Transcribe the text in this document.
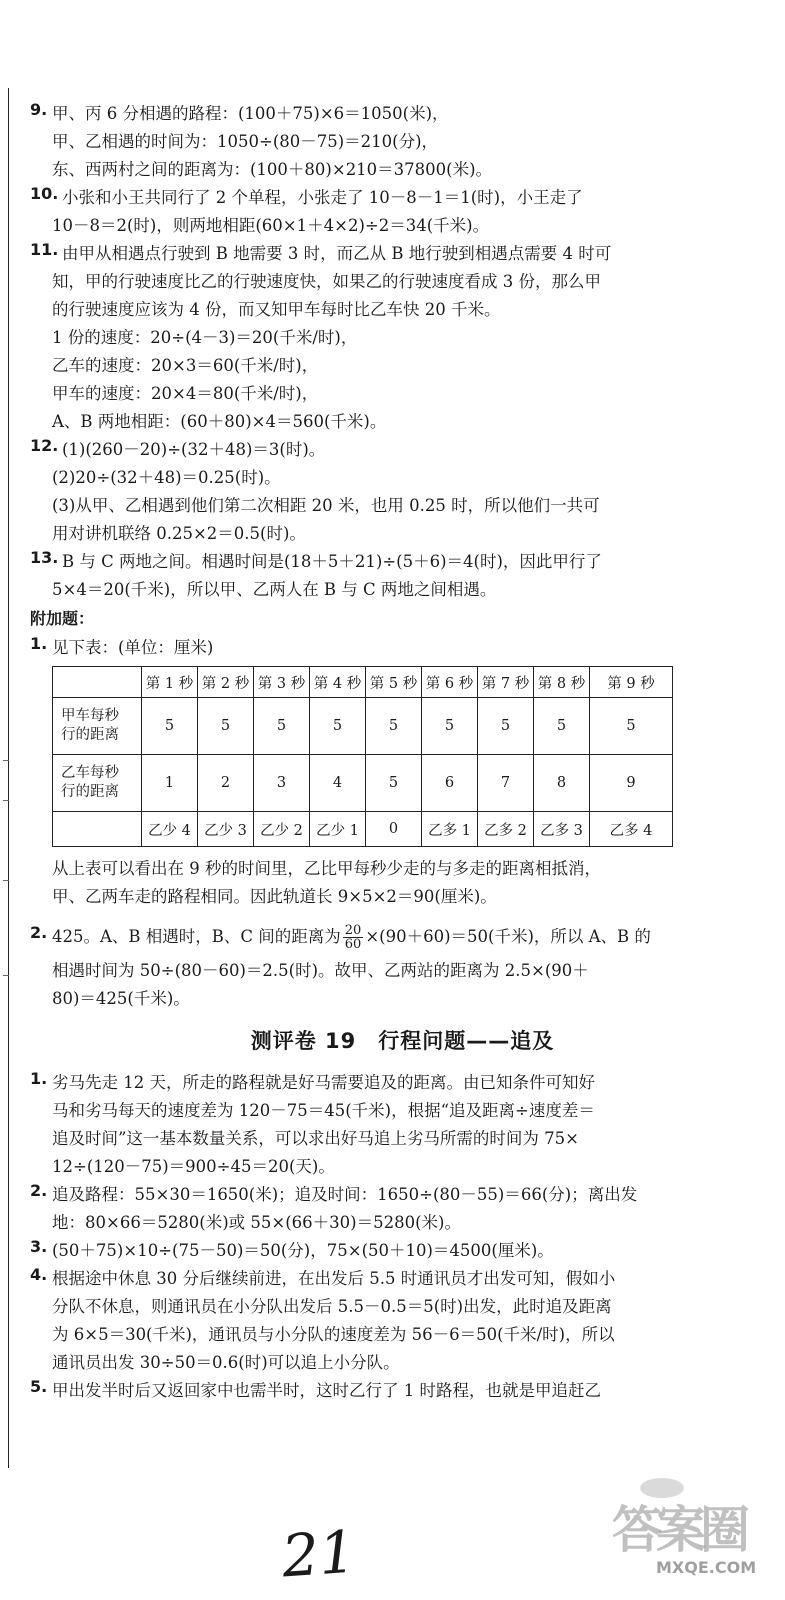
9. 甲、丙 6 分相遇的路程：(100＋75)×6＝1050(米)，
甲、乙相遇的时间为：1050÷(80－75)＝210(分)，
东、西两村之间的距离为：(100＋80)×210＝37800(米)。
10. 小张和小王共同行了 2 个单程，小张走了 10－8－1＝1(时)，小王走了
10－8＝2(时)，则两地相距(60×1＋4×2)÷2＝34(千米)。
11. 由甲从相遇点行驶到 B 地需要 3 时，而乙从 B 地行驶到相遇点需要 4 时可
知，甲的行驶速度比乙的行驶速度快，如果乙的行驶速度看成 3 份，那么甲
的行驶速度应该为 4 份，而又知甲车每时比乙车快 20 千米。
1 份的速度：20÷(4－3)＝20(千米/时)，
乙车的速度：20×3＝60(千米/时)，
甲车的速度：20×4＝80(千米/时)，
A、B 两地相距：(60＋80)×4＝560(千米)。
12. (1)(260－20)÷(32＋48)＝3(时)。
(2)20÷(32＋48)＝0.25(时)。
(3)从甲、乙相遇到他们第二次相距 20 米，也用 0.25 时，所以他们一共可
用对讲机联络 0.25×2＝0.5(时)。
13. B 与 C 两地之间。相遇时间是(18＋5＋21)÷(5＋6)＝4(时)，因此甲行了
5×4＝20(千米)，所以甲、乙两人在 B 与 C 两地之间相遇。
附加题：
1. 见下表：(单位：厘米)
	第 1 秒	第 2 秒	第 3 秒	第 4 秒	第 5 秒	第 6 秒	第 7 秒	第 8 秒	第 9 秒

甲车每秒
行的距离	5	5	5	5	5	5	5	5	5

乙车每秒
行的距离	1	2	3	4	5	6	7	8	9
	乙少 4	乙少 3	乙少 2	乙少 1	0	乙多 1	乙多 2	乙多 3	乙多 4
从上表可以看出在 9 秒的时间里，乙比甲每秒少走的与多走的距离相抵消，
甲、乙两车走的路程相同。因此轨道长 9×5×2＝90(厘米)。
2. 425。A、B 相遇时，B、C 间的距离为 $\frac{20}{60} \times(90+60)=50$(千米)，所以 A、B 的
相遇时间为 50÷(80－60)＝2.5(时)。故甲、乙两站的距离为 2.5×(90＋
80)＝425(千米)。
测评卷 19　行程问题——追及
1. 劣马先走 12 天，所走的路程就是好马需要追及的距离。由已知条件可知好
马和劣马每天的速度差为 120－75＝45(千米)，根据“追及距离÷速度差＝
追及时间”这一基本数量关系，可以求出好马追上劣马所需的时间为 75×
12÷(120－75)＝900÷45＝20(天)。
2. 追及路程：55×30＝1650(米)；追及时间：1650÷(80－55)＝66(分)；离出发
地：80×66＝5280(米)或 55×(66＋30)＝5280(米)。
3. (50＋75)×10÷(75－50)＝50(分)，75×(50＋10)＝4500(厘米)。
4. 根据途中休息 30 分后继续前进，在出发后 5.5 时通讯员才出发可知，假如小
分队不休息，则通讯员在小分队出发后 5.5－0.5＝5(时)出发，此时追及距离
为 6×5＝30(千米)，通讯员与小分队的速度差为 56－6＝50(千米/时)，所以
通讯员出发 30÷50＝0.6(时)可以追上小分队。
5. 甲出发半时后又返回家中也需半时，这时乙行了 1 时路程，也就是甲追赶乙
21	答案圈
MXQE.COM
